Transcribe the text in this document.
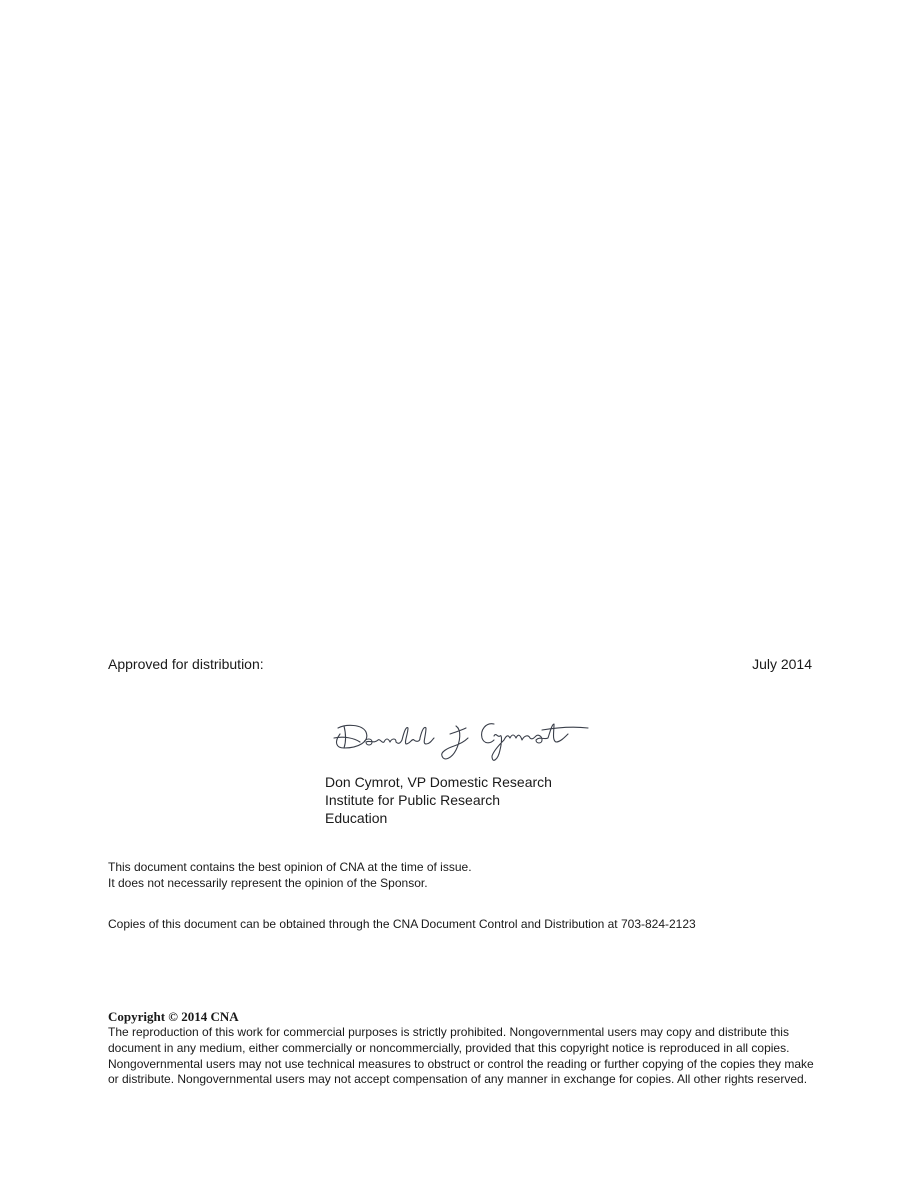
Approved for distribution:	July 2014
Don Cymrot, VP Domestic Research
Institute for Public Research
Education
This document contains the best opinion of CNA at the time of issue.
It does not necessarily represent the opinion of the Sponsor.
Copies of this document can be obtained through the CNA Document Control and Distribution at 703-824-2123
Copyright © 2014 CNA
The reproduction of this work for commercial purposes is strictly prohibited. Nongovernmental users may copy and distribute this document in any medium, either commercially or noncommercially, provided that this copyright notice is reproduced in all copies. Nongovernmental users may not use technical measures to obstruct or control the reading or further copying of the copies they make or distribute. Nongovernmental users may not accept compensation of any manner in exchange for copies. All other rights reserved.
